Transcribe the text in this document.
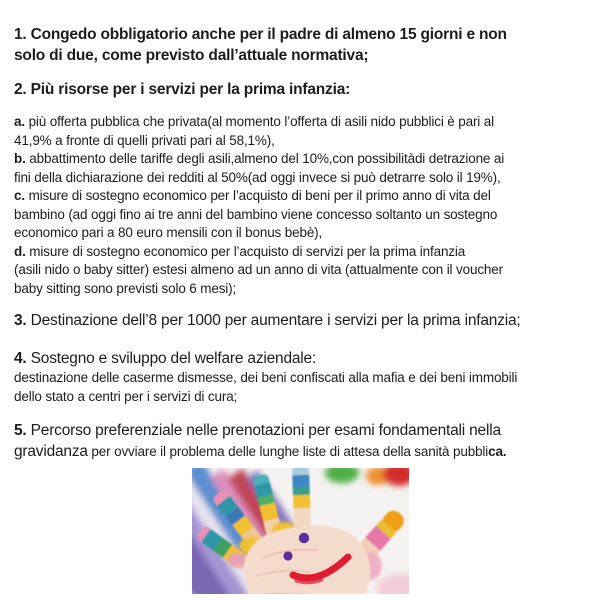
1. Congedo obbligatorio anche per il padre di almeno 15 giorni e non
solo di due, come previsto dall’attuale normativa;
2. Più risorse per i servizi per la prima infanzia:
a. più offerta pubblica che privata(al momento l’offerta di asili nido pubblici è pari al
41,9% a fronte di quelli privati pari al 58,1%),
b. abbattimento delle tariffe degli asili,almeno del 10%,con possibilitàdi detrazione ai
fini della dichiarazione dei redditi al 50%(ad oggi invece si può detrarre solo il 19%),
c. misure di sostegno economico per l’acquisto di beni per il primo anno di vita del
bambino (ad oggi fino ai tre anni del bambino viene concesso soltanto un sostegno
economico pari a 80 euro mensili con il bonus bebè),
d. misure di sostegno economico per l’acquisto di servizi per la prima infanzia
(asili nido o baby sitter) estesi almeno ad un anno di vita (attualmente con il voucher
baby sitting sono previsti solo 6 mesi);
3. Destinazione dell’8 per 1000 per aumentare i servizi per la prima infanzia;
4. Sostegno e sviluppo del welfare aziendale:
destinazione delle caserme dismesse, dei beni confiscati alla mafia e dei beni immobili
dello stato a centri per i servizi di cura;
5. Percorso preferenziale nelle prenotazioni per esami fondamentali nella
gravidanza per ovviare il problema delle lunghe liste di attesa della sanità pubblica.
